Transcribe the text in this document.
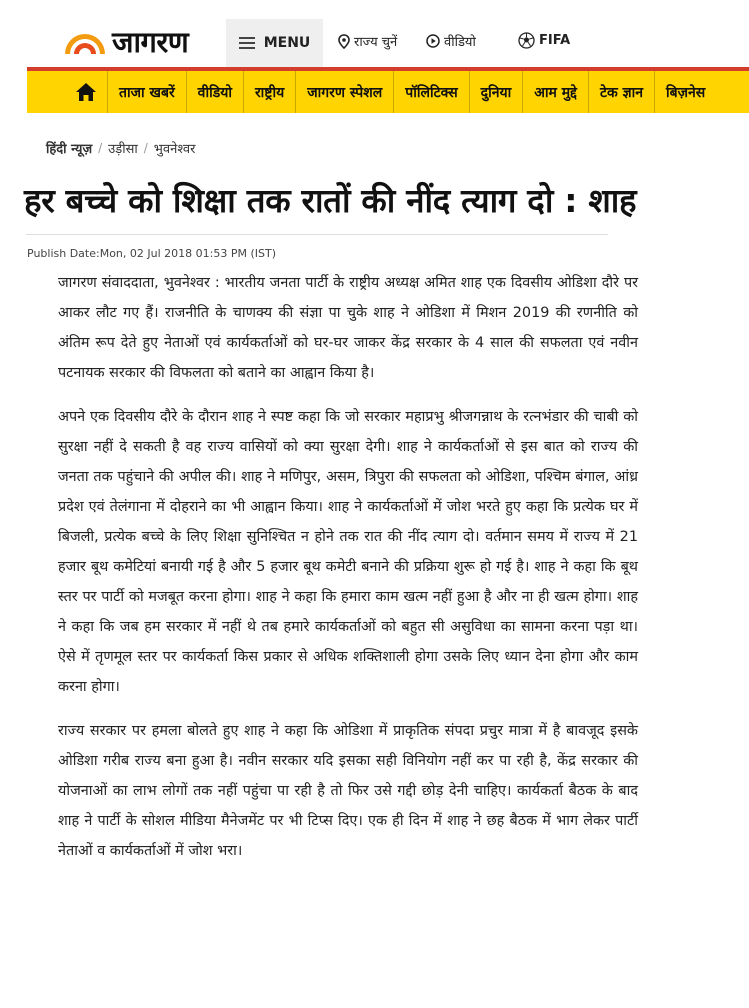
जागरण	MENU	राज्य चुनें	वीडियो	FIFA
ताजा खबरें	वीडियो	राष्ट्रीय	जागरण स्पेशल	पॉलिटिक्स	दुनिया	आम मुद्दे	टेक ज्ञान	बिज़नेस
हिंदी न्यूज़ / उड़ीसा / भुवनेश्वर
हर बच्चे को शिक्षा तक रातों की नींद त्याग दो : शाह
Publish Date:Mon, 02 Jul 2018 01:53 PM (IST)

जागरण संवाददाता, भुवनेश्वर : भारतीय जनता पार्टी के राष्ट्रीय अध्यक्ष अमित शाह एक दिवसीय ओडिशा दौरे पर आकर लौट गए हैं। राजनीति के चाणक्य की संज्ञा पा चुके शाह ने ओडिशा में मिशन 2019 की रणनीति को अंतिम रूप देते हुए नेताओं एवं कार्यकर्ताओं को घर-घर जाकर केंद्र सरकार के 4 साल की सफलता एवं नवीन पटनायक सरकार की विफलता को बताने का आह्वान किया है।

अपने एक दिवसीय दौरे के दौरान शाह ने स्पष्ट कहा कि जो सरकार महाप्रभु श्रीजगन्नाथ के रत्नभंडार की चाबी को सुरक्षा नहीं दे सकती है वह राज्य वासियों को क्या सुरक्षा देगी। शाह ने कार्यकर्ताओं से इस बात को राज्य की जनता तक पहुंचाने की अपील की। शाह ने मणिपुर, असम, त्रिपुरा की सफलता को ओडिशा, पश्चिम बंगाल, आंध्र प्रदेश एवं तेलंगाना में दोहराने का भी आह्वान किया। शाह ने कार्यकर्ताओं में जोश भरते हुए कहा कि प्रत्येक घर में बिजली, प्रत्येक बच्चे के लिए शिक्षा सुनिश्चित न होने तक रात की नींद त्याग दो। वर्तमान समय में राज्य में 21 हजार बूथ कमेटियां बनायी गई है और 5 हजार बूथ कमेटी बनाने की प्रक्रिया शुरू हो गई है। शाह ने कहा कि बूथ स्तर पर पार्टी को मजबूत करना होगा। शाह ने कहा कि हमारा काम खत्म नहीं हुआ है और ना ही खत्म होगा। शाह ने कहा कि जब हम सरकार में नहीं थे तब हमारे कार्यकर्ताओं को बहुत सी असुविधा का सामना करना पड़ा था। ऐसे में तृणमूल स्तर पर कार्यकर्ता किस प्रकार से अधिक शक्तिशाली होगा उसके लिए ध्यान देना होगा और काम करना होगा।

राज्य सरकार पर हमला बोलते हुए शाह ने कहा कि ओडिशा में प्राकृतिक संपदा प्रचुर मात्रा में है बावजूद इसके ओडिशा गरीब राज्य बना हुआ है। नवीन सरकार यदि इसका सही विनियोग नहीं कर पा रही है, केंद्र सरकार की योजनाओं का लाभ लोगों तक नहीं पहुंचा पा रही है तो फिर उसे गद्दी छोड़ देनी चाहिए। कार्यकर्ता बैठक के बाद शाह ने पार्टी के सोशल मीडिया मैनेजमेंट पर भी टिप्स दिए। एक ही दिन में शाह ने छह बैठक में भाग लेकर पार्टी नेताओं व कार्यकर्ताओं में जोश भरा।
